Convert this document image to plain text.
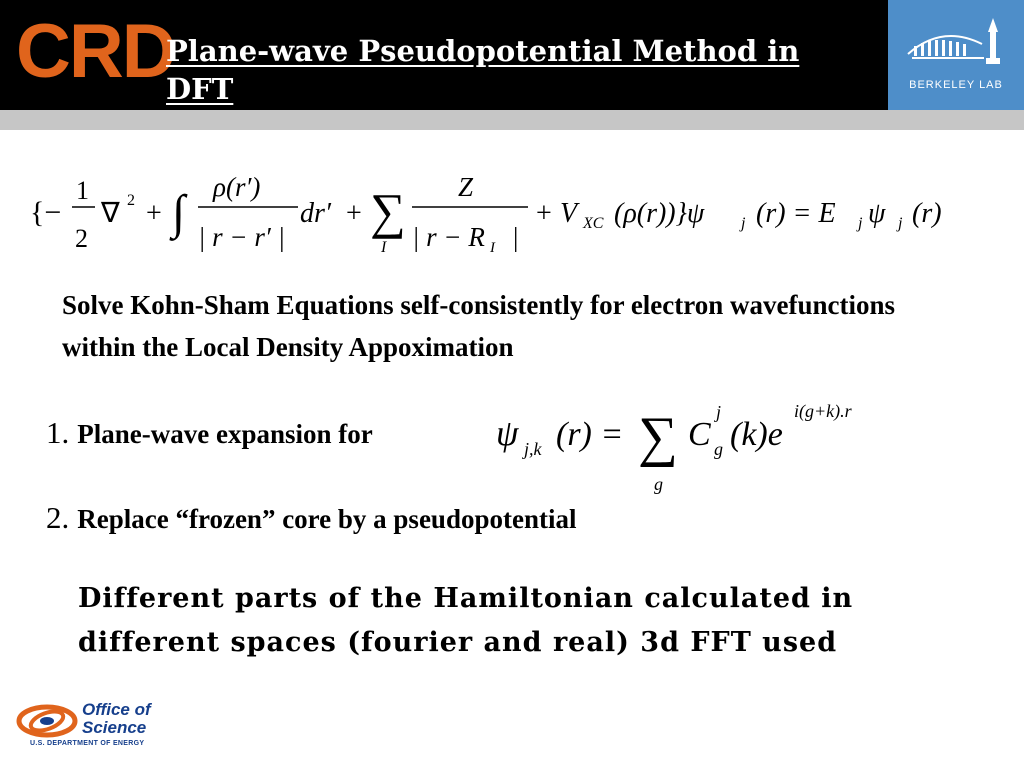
CRD
Plane-wave Pseudopotential Method in DFT	BERKELEY LAB
{−
1
2
∇ 2 + ∫ ρ(r′)
| r − r′ |
dr′ + ∑
I
Z
| r − R I |
+ V XC (ρ(r))}ψ j (r) = E j ψ j (r)
ψ j,k (r) = ∑
g
C
j
g (k)e
i(g+k).r

Solve Kohn-Sham Equations self-consistently for electron wavefunctions within the Local Density Appoximation

1. Plane-wave expansion for
2. Replace “frozen” core by a pseudopotential

Different parts of the Hamiltonian calculated in different spaces (fourier and real) 3d FFT used

Office of Science
U.S. DEPARTMENT OF ENERGY
